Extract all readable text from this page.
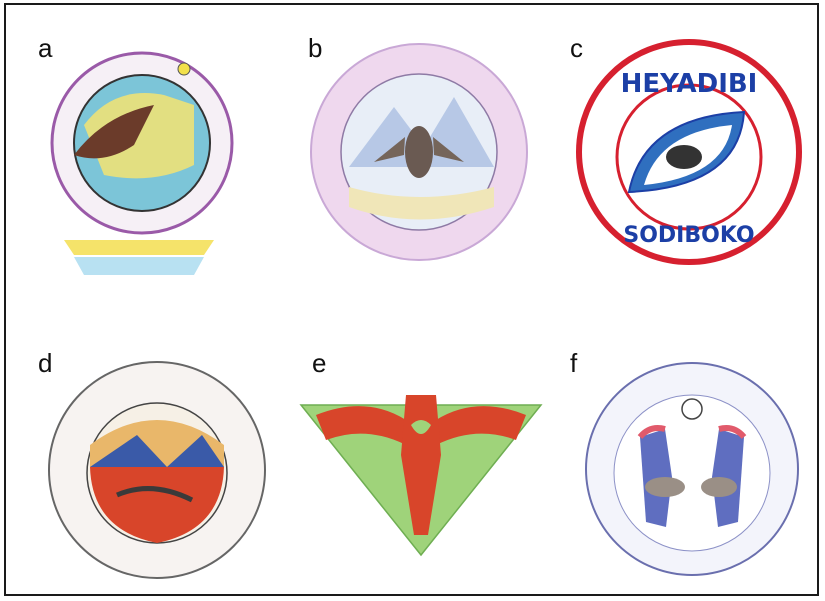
a	b	c
HEYADIBI
SODIBOKO
d	e	f
